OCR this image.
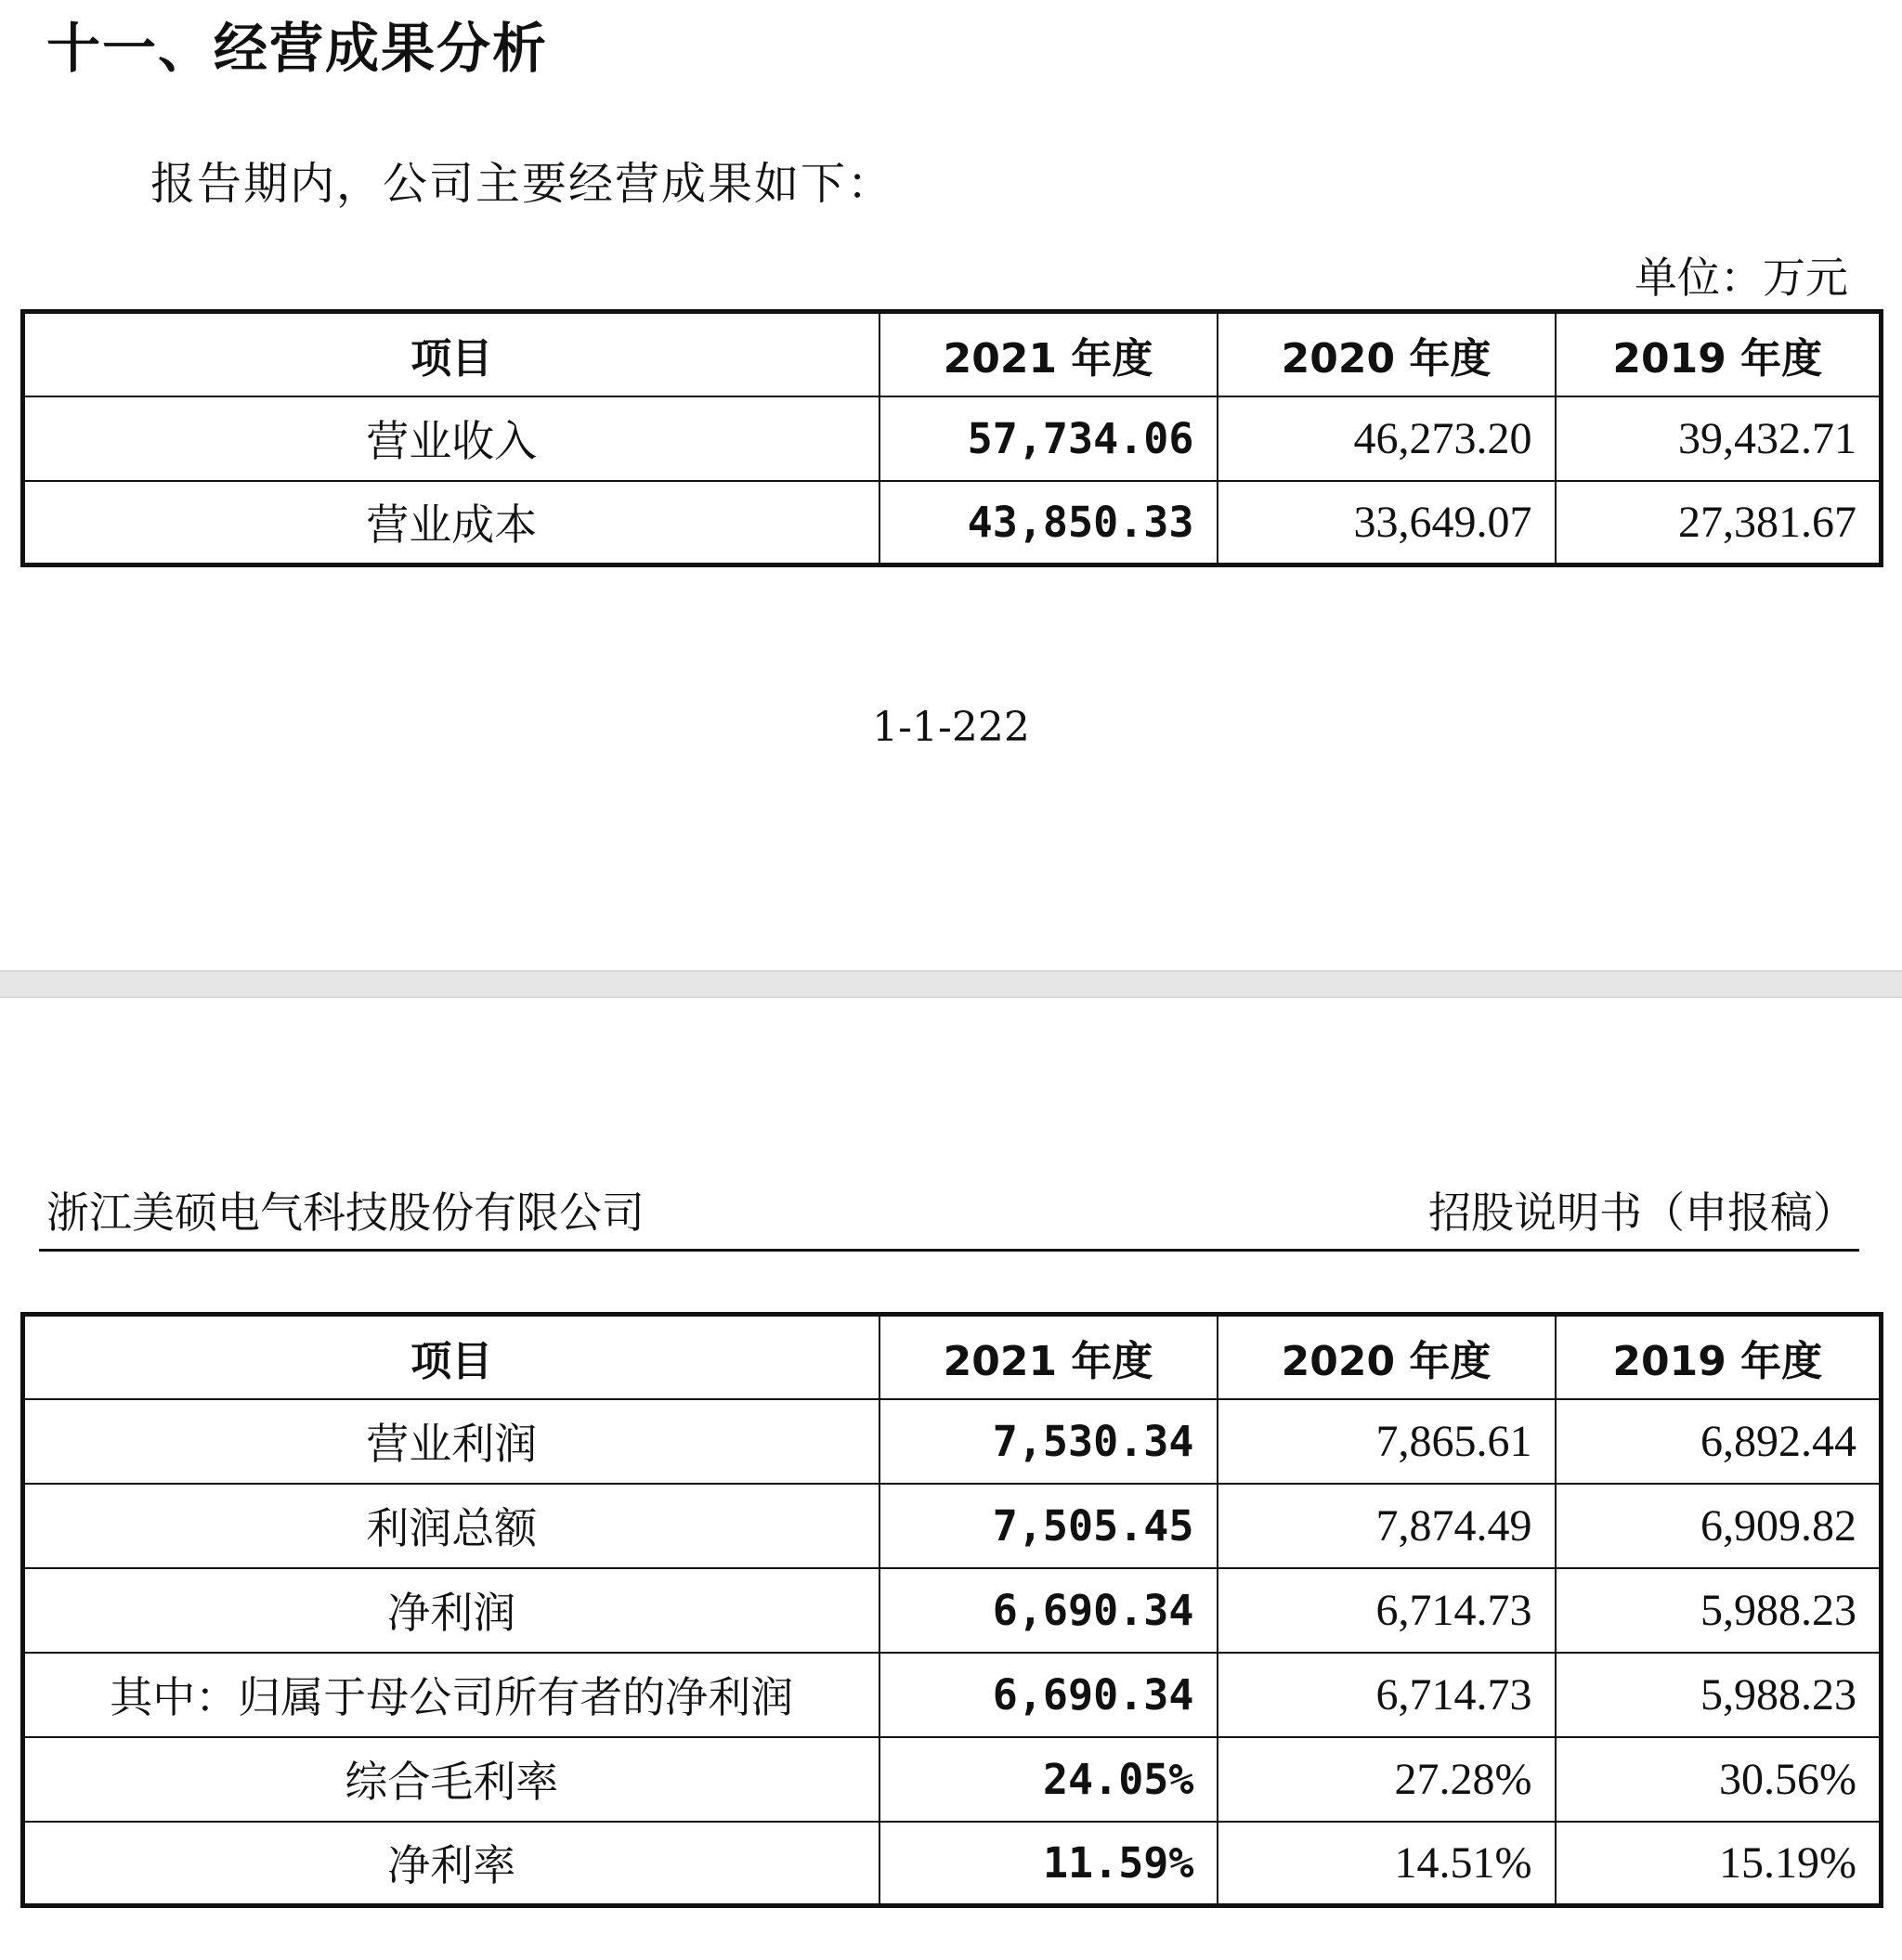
十一、经营成果分析
报告期内，公司主要经营成果如下：
单位：万元
项目	2021 年度	2020 年度	2019 年度
营业收入	57,734.06	46,273.20	39,432.71
营业成本	43,850.33	33,649.07	27,381.67
1-1-222
浙江美硕电气科技股份有限公司	招股说明书（申报稿）
项目	2021 年度	2020 年度	2019 年度
营业利润	7,530.34	7,865.61	6,892.44
利润总额	7,505.45	7,874.49	6,909.82
净利润	6,690.34	6,714.73	5,988.23
其中：归属于母公司所有者的净利润	6,690.34	6,714.73	5,988.23
综合毛利率	24.05%	27.28%	30.56%
净利率	11.59%	14.51%	15.19%
